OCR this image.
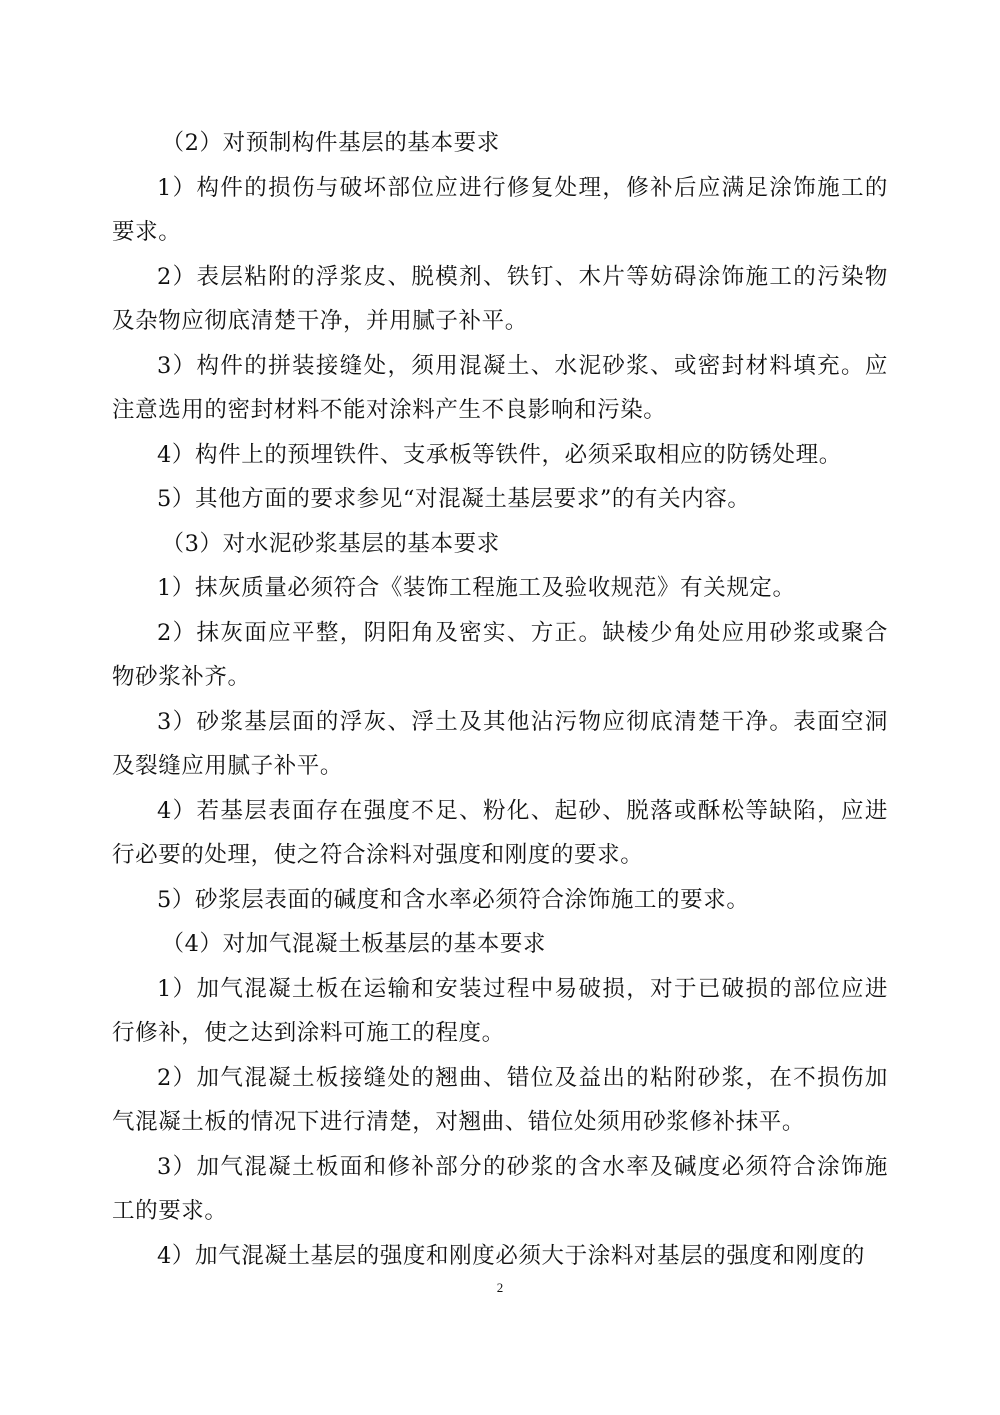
（2）对预制构件基层的基本要求

1）构件的损伤与破坏部位应进行修复处理，修补后应满足涂饰施工的要求。

2）表层粘附的浮浆皮、脱模剂、铁钉、木片等妨碍涂饰施工的污染物及杂物应彻底清楚干净，并用腻子补平。

3）构件的拼装接缝处，须用混凝土、水泥砂浆、或密封材料填充。应注意选用的密封材料不能对涂料产生不良影响和污染。

4）构件上的预埋铁件、支承板等铁件，必须采取相应的防锈处理。

5）其他方面的要求参见“对混凝土基层要求”的有关内容。

（3）对水泥砂浆基层的基本要求

1）抹灰质量必须符合《装饰工程施工及验收规范》有关规定。

2）抹灰面应平整，阴阳角及密实、方正。缺棱少角处应用砂浆或聚合物砂浆补齐。

3）砂浆基层面的浮灰、浮土及其他沾污物应彻底清楚干净。表面空洞及裂缝应用腻子补平。

4）若基层表面存在强度不足、粉化、起砂、脱落或酥松等缺陷，应进行必要的处理，使之符合涂料对强度和刚度的要求。

5）砂浆层表面的碱度和含水率必须符合涂饰施工的要求。

（4）对加气混凝土板基层的基本要求

1）加气混凝土板在运输和安装过程中易破损，对于已破损的部位应进行修补，使之达到涂料可施工的程度。

2）加气混凝土板接缝处的翘曲、错位及益出的粘附砂浆，在不损伤加气混凝土板的情况下进行清楚，对翘曲、错位处须用砂浆修补抹平。

3）加气混凝土板面和修补部分的砂浆的含水率及碱度必须符合涂饰施工的要求。

4）加气混凝土基层的强度和刚度必须大于涂料对基层的强度和刚度的

2
